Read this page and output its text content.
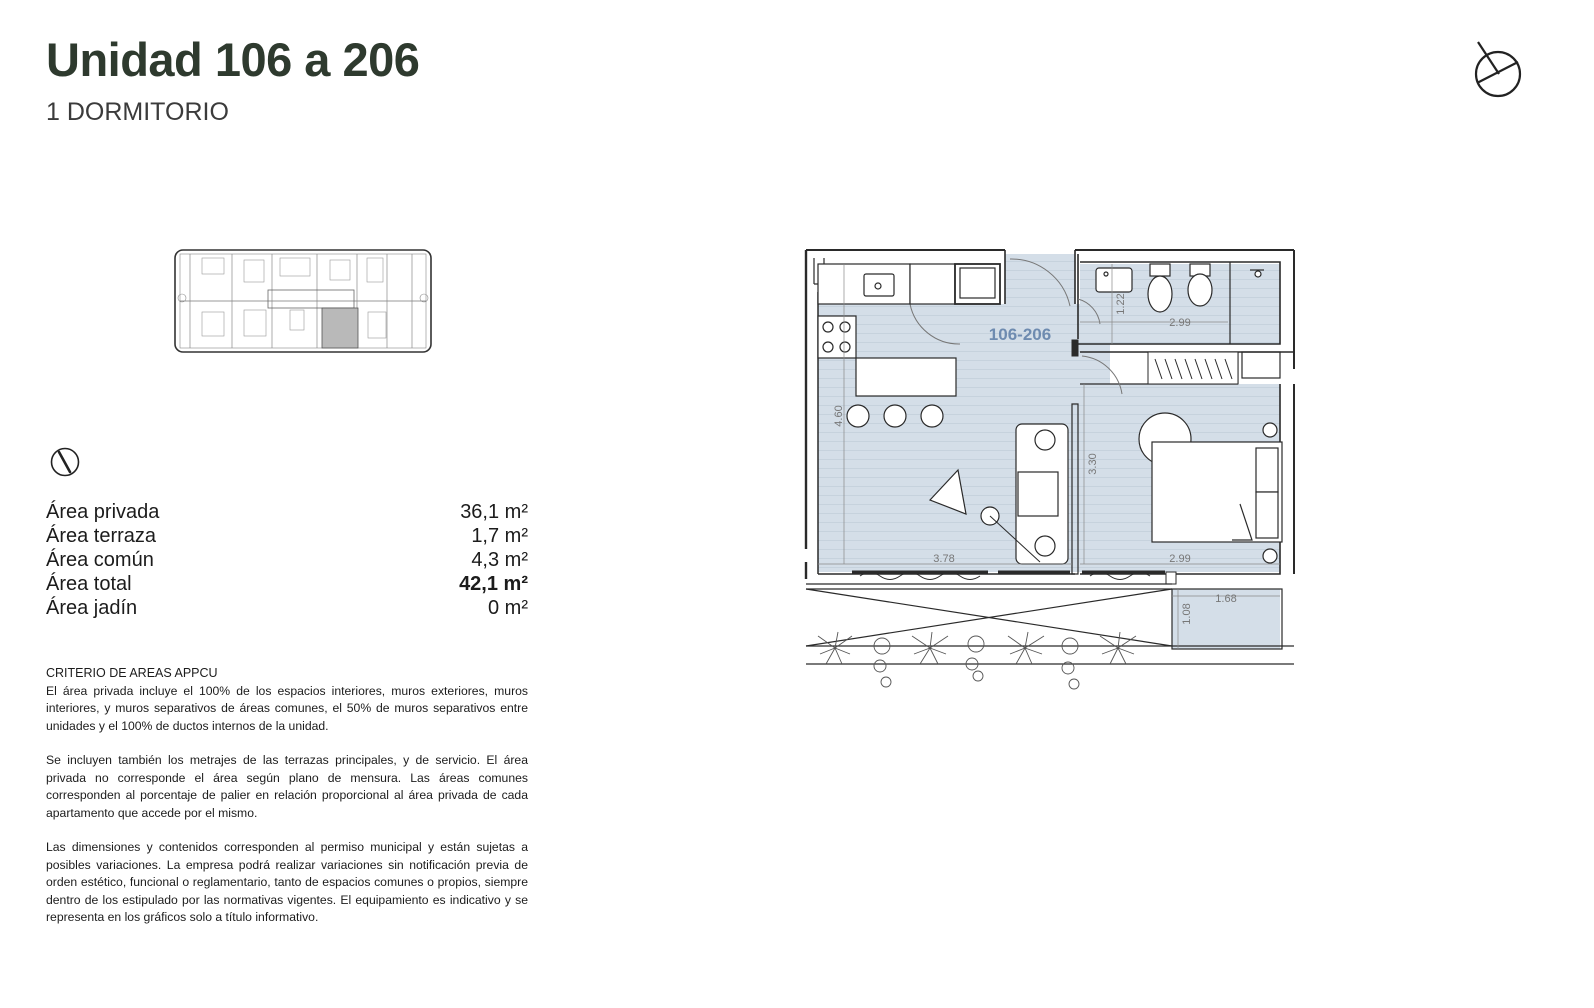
Unidad 106 a 206
1 DORMITORIO
Área privada	36,1 m²
Área terraza	1,7 m²
Área común	4,3 m²
Área total	42,1 m²
Área jadín	0 m²
CRITERIO DE AREAS APPCU

El área privada incluye el 100% de los espacios interiores, muros exteriores, muros interiores, y muros separativos de áreas comunes, el 50% de muros separativos entre unidades y el 100% de ductos internos de la unidad.

Se incluyen también los metrajes de las terrazas principales, y de servicio. El área privada no corresponde el área según plano de mensura. Las áreas comunes corresponden al porcentaje de palier en relación proporcional al área privada de cada apartamento que accede por el mismo.

Las dimensiones y contenidos corresponden al permiso municipal y están sujetas a posibles variaciones. La empresa podrá realizar variaciones sin notificación previa de orden estético, funcional o reglamentario, tanto de espacios comunes o propios, siempre dentro de los estipulado por las normativas vigentes. El equipamiento es indicativo y se representa en los gráficos solo a título informativo.

106-206
3.78
4.60
1.22
2.99
3.30
2.99
1.68
1.08
